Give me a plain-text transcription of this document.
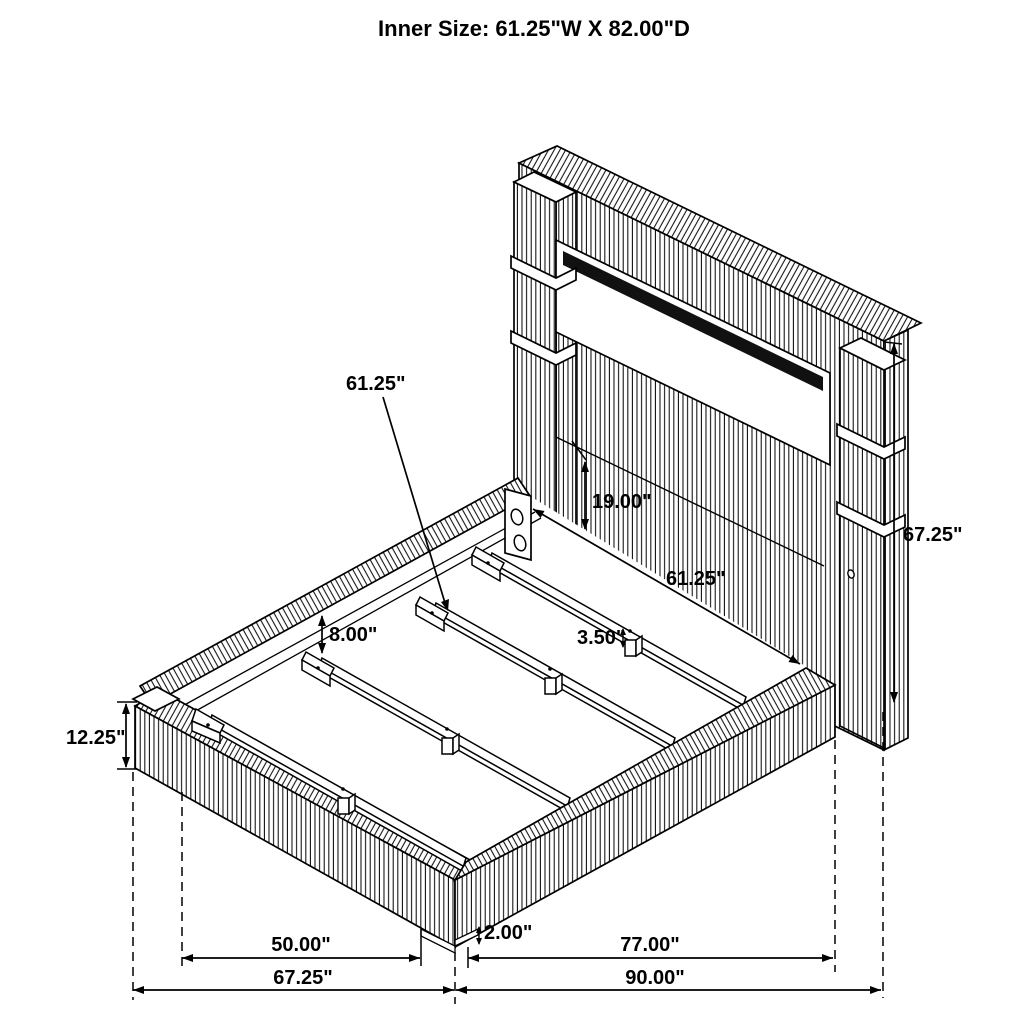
Inner Size: 61.25"W X 82.00"D
61.25"
19.00"
67.25"
61.25"
8.00"	3.50"
12.25"
2.00"
50.00"	77.00"
67.25"	90.00"
